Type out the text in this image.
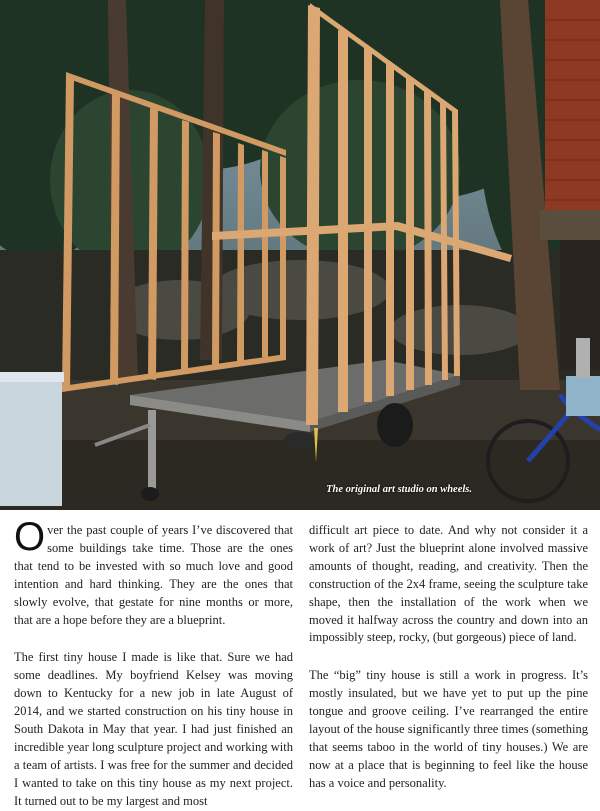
The original art studio on wheels.

Over the past couple of years I’ve discovered that some buildings take time. Those are the ones that tend to be invested with so much love and good intention and hard thinking. They are the ones that slowly evolve, that gestate for nine months or more, that are a hope before they are a blueprint.

The first tiny house I made is like that. Sure we had some deadlines. My boyfriend Kelsey was moving down to Kentucky for a new job in late August of 2014, and we started construction on his tiny house in South Dakota in May that year. I had just finished an incredible year long sculpture project and working with a team of artists. I was free for the summer and decided I wanted to take on this tiny house as my next project. It turned out to be my largest and most

difficult art piece to date. And why not consider it a work of art? Just the blueprint alone involved massive amounts of thought, reading, and creativity. Then the construction of the 2x4 frame, seeing the sculpture take shape, then the installation of the work when we moved it halfway across the country and down into an impossibly steep, rocky, (but gorgeous) piece of land.

The “big” tiny house is still a work in progress. It’s mostly insulated, but we have yet to put up the pine tongue and groove ceiling. I’ve rearranged the entire layout of the house significantly three times (something that seems taboo in the world of tiny houses.) We are now at a place that is beginning to feel like the house has a voice and personality.
